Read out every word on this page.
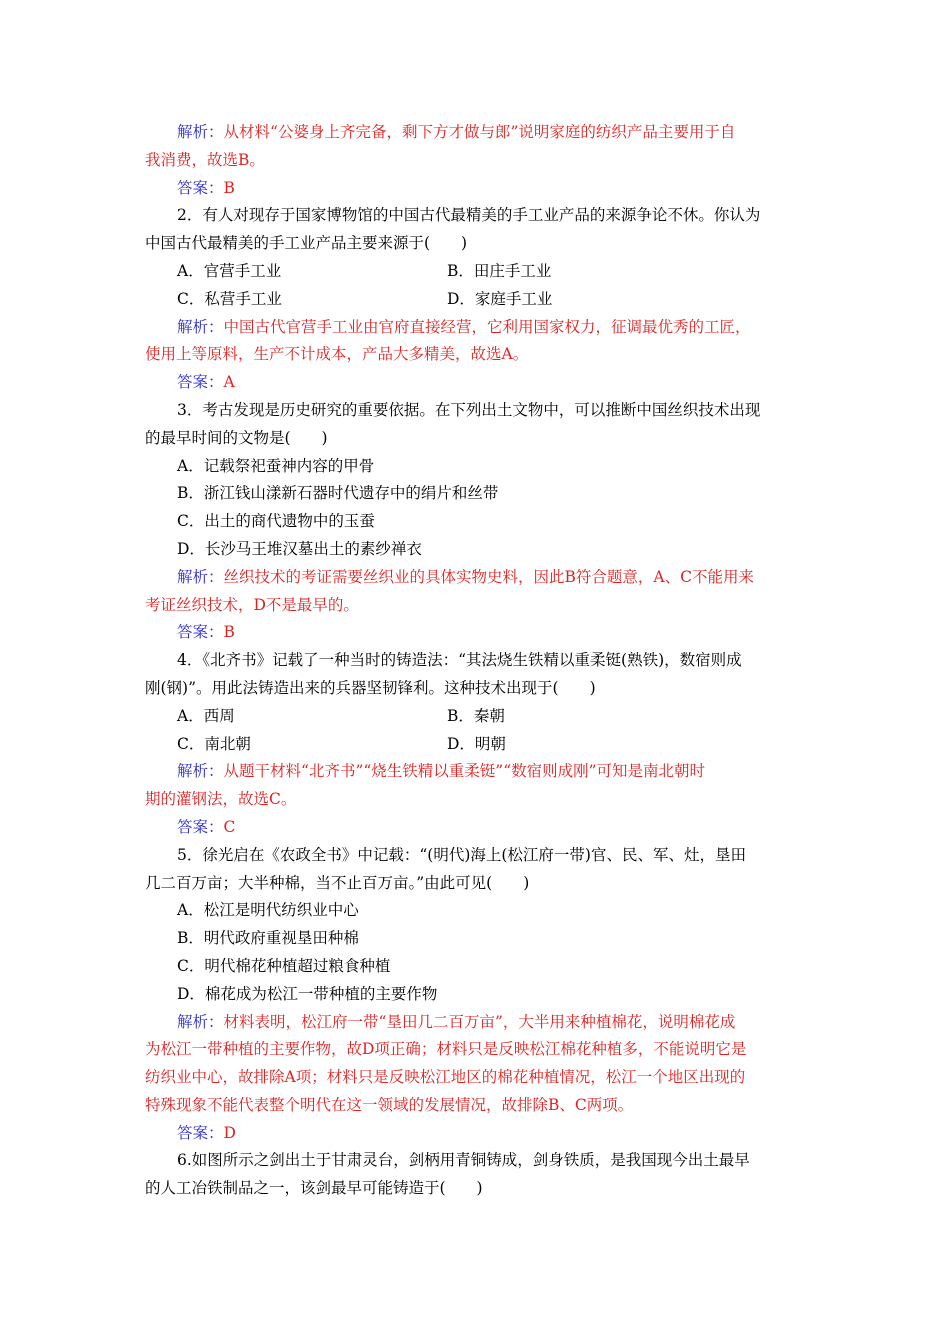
解析：从材料“公婆身上齐完备，剩下方才做与郎”说明家庭的纺织产品主要用于自
我消费，故选B。
答案：B
2．有人对现存于国家博物馆的中国古代最精美的手工业产品的来源争论不休。你认为
中国古代最精美的手工业产品主要来源于(　　)
A．官营手工业	B．田庄手工业
C．私营手工业	D．家庭手工业
解析：中国古代官营手工业由官府直接经营，它利用国家权力，征调最优秀的工匠，
使用上等原料，生产不计成本，产品大多精美，故选A。
答案：A
3．考古发现是历史研究的重要依据。在下列出土文物中，可以推断中国丝织技术出现
的最早时间的文物是(　　)
A．记载祭祀蚕神内容的甲骨
B．浙江钱山漾新石器时代遗存中的绢片和丝带
C．出土的商代遗物中的玉蚕
D．长沙马王堆汉墓出土的素纱禅衣
解析：丝织技术的考证需要丝织业的具体实物史料，因此B符合题意，A、C不能用来
考证丝织技术，D不是最早的。
答案：B
4．《北齐书》记载了一种当时的铸造法：“其法烧生铁精以重柔铤(熟铁)，数宿则成
刚(钢)”。用此法铸造出来的兵器坚韧锋利。这种技术出现于(　　)
A．西周	B．秦朝
C．南北朝	D．明朝
解析：从题干材料“北齐书”“烧生铁精以重柔铤”“数宿则成刚”可知是南北朝时
期的灌钢法，故选C。
答案：C
5．徐光启在《农政全书》中记载：“(明代)海上(松江府一带)官、民、军、灶，垦田
几二百万亩；大半种棉，当不止百万亩。”由此可见(　　)
A．松江是明代纺织业中心
B．明代政府重视垦田种棉
C．明代棉花种植超过粮食种植
D．棉花成为松江一带种植的主要作物
解析：材料表明，松江府一带“垦田几二百万亩”，大半用来种植棉花，说明棉花成
为松江一带种植的主要作物，故D项正确；材料只是反映松江棉花种植多，不能说明它是
纺织业中心，故排除A项；材料只是反映松江地区的棉花种植情况，松江一个地区出现的
特殊现象不能代表整个明代在这一领域的发展情况，故排除B、C两项。
答案：D
6.如图所示之剑出土于甘肃灵台，剑柄用青铜铸成，剑身铁质，是我国现今出土最早
的人工冶铁制品之一，该剑最早可能铸造于(　　)
